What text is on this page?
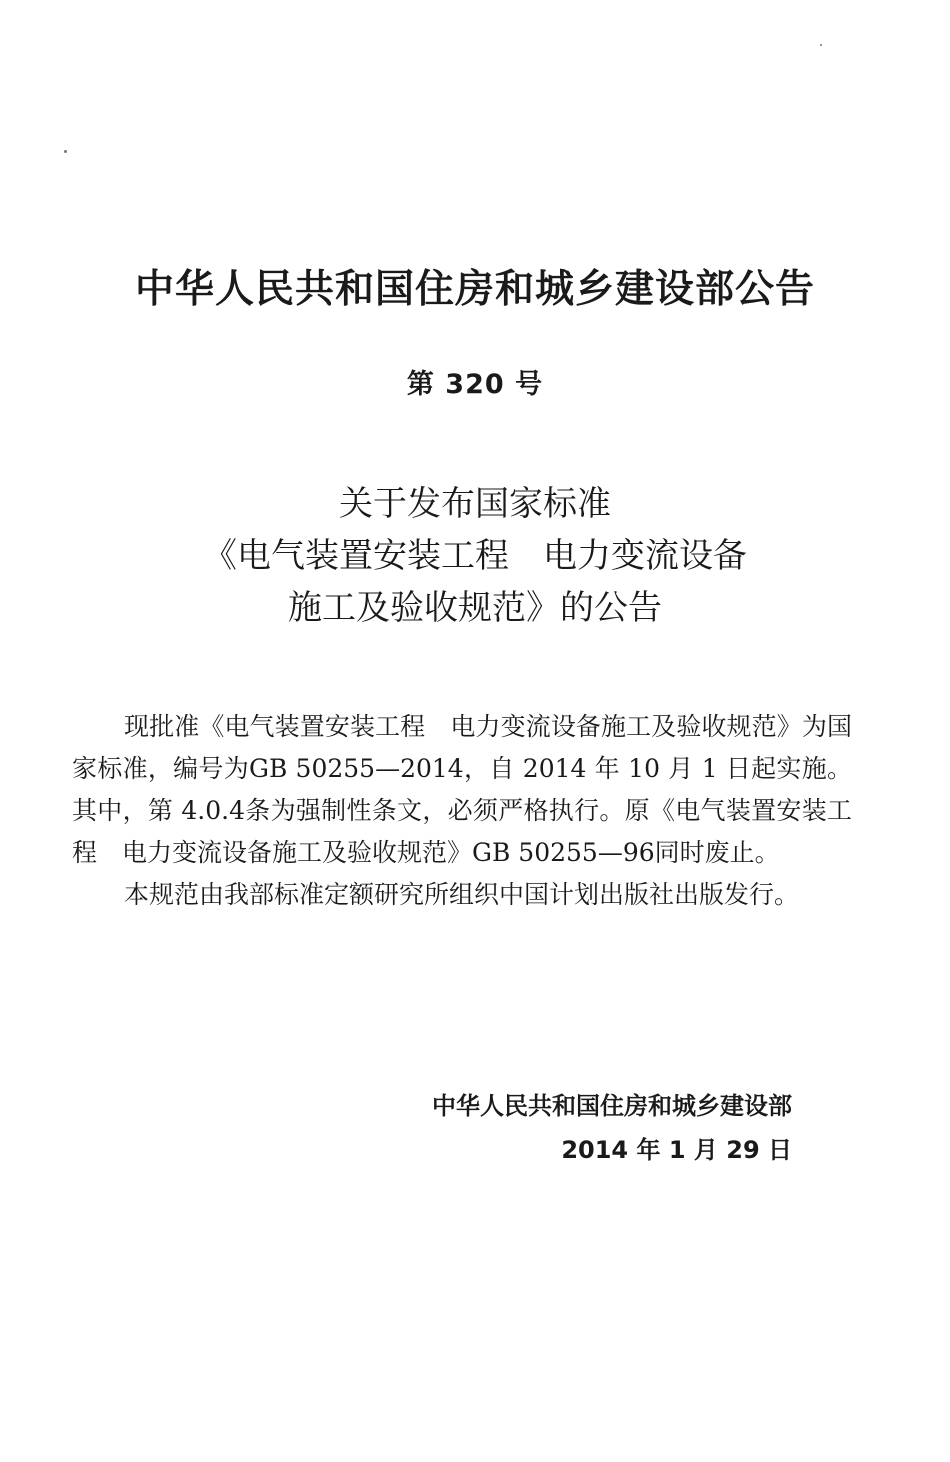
中华人民共和国住房和城乡建设部公告
第 320 号
关于发布国家标准
《电气装置安装工程　电力变流设备
施工及验收规范》的公告

现批准《电气装置安装工程　电力变流设备施工及验收规范》为国家标准，编号为GB 50255—2014，自 2014 年 10 月 1 日起实施。其中，第 4.0.4条为强制性条文，必须严格执行。原《电气装置安装工程　电力变流设备施工及验收规范》GB 50255—96同时废止。

本规范由我部标准定额研究所组织中国计划出版社出版发行。

中华人民共和国住房和城乡建设部
2014 年 1 月 29 日
